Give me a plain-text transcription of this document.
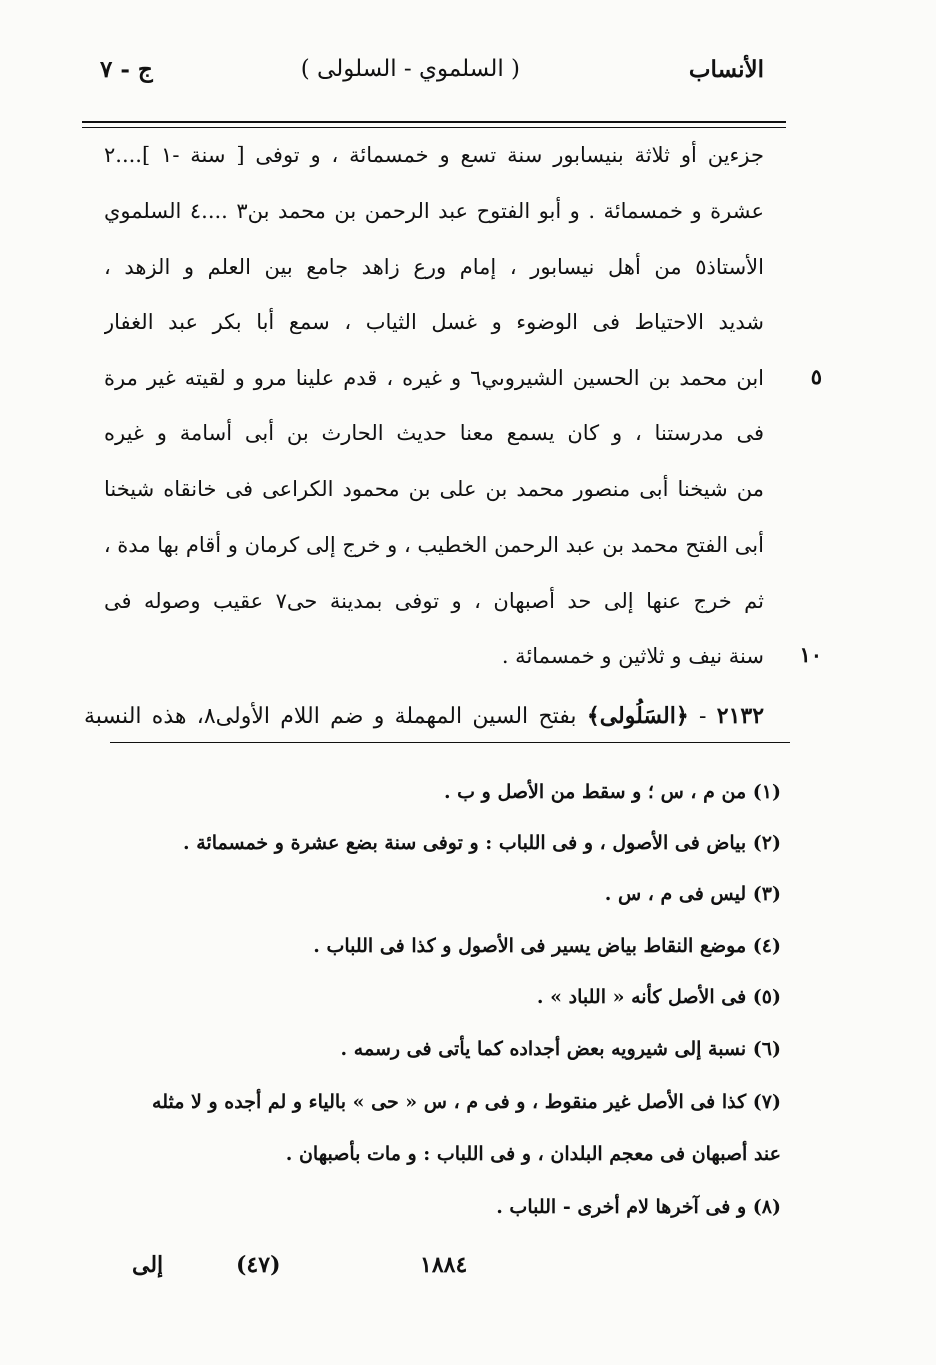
الأنساب
( السلموي - السلولى )
ج - ٧
جزءين أو ثلاثة بنيسابور سنة تسع و خمسمائة ، و توفى [ سنة -١ ]....٢
عشرة و خمسمائة . و أبو الفتوح عبد الرحمن بن محمد بن٣ ....٤ السلموي
الأستاذ٥ من أهل نيسابور ، إمام ورع زاهد جامع بين العلم و الزهد ،
شديد الاحتياط فى الوضوء و غسل الثياب ، سمع أبا بكر عبد الغفار
ابن محمد بن الحسين الشيروىي٦ و غيره ، قدم علينا مرو و لقيته غير مرة
فى مدرستنا ، و كان يسمع معنا حديث الحارث بن أبى أسامة و غيره
من شيخنا أبى منصور محمد بن على بن محمود الكراعى فى خانقاه شيخنا
أبى الفتح محمد بن عبد الرحمن الخطيب ، و خرج إلى كرمان و أقام بها مدة ،
ثم خرج عنها إلى حد أصبهان ، و توفى بمدينة حى٧ عقيب وصوله فى
سنة نيف و ثلاثين و خمسمائة .
٥
١٠
٢١٣٢ - ﴿السَلُولى﴾ بفتح السين المهملة و ضم اللام الأولى٨، هذه النسبة
(١) من م ، س ؛ و سقط من الأصل و ب .
(٢) بياض فى الأصول ، و فى اللباب : و توفى سنة بضع عشرة و خمسمائة .
(٣) ليس فى م ، س .
(٤) موضع النقاط بياض يسير فى الأصول و كذا فى اللباب .
(٥) فى الأصل كأنه « اللباد » .
(٦) نسبة إلى شيرويه بعض أجداده كما يأتى فى رسمه .
(٧) كذا فى الأصل غير منقوط ، و فى م ، س « حى » بالياء و لم أجده و لا مثله
عند أصبهان فى معجم البلدان ، و فى اللباب : و مات بأصبهان .
(٨) و فى آخرها لام أخرى - اللباب .
١٨٨٤
(٤٧)
إلى
